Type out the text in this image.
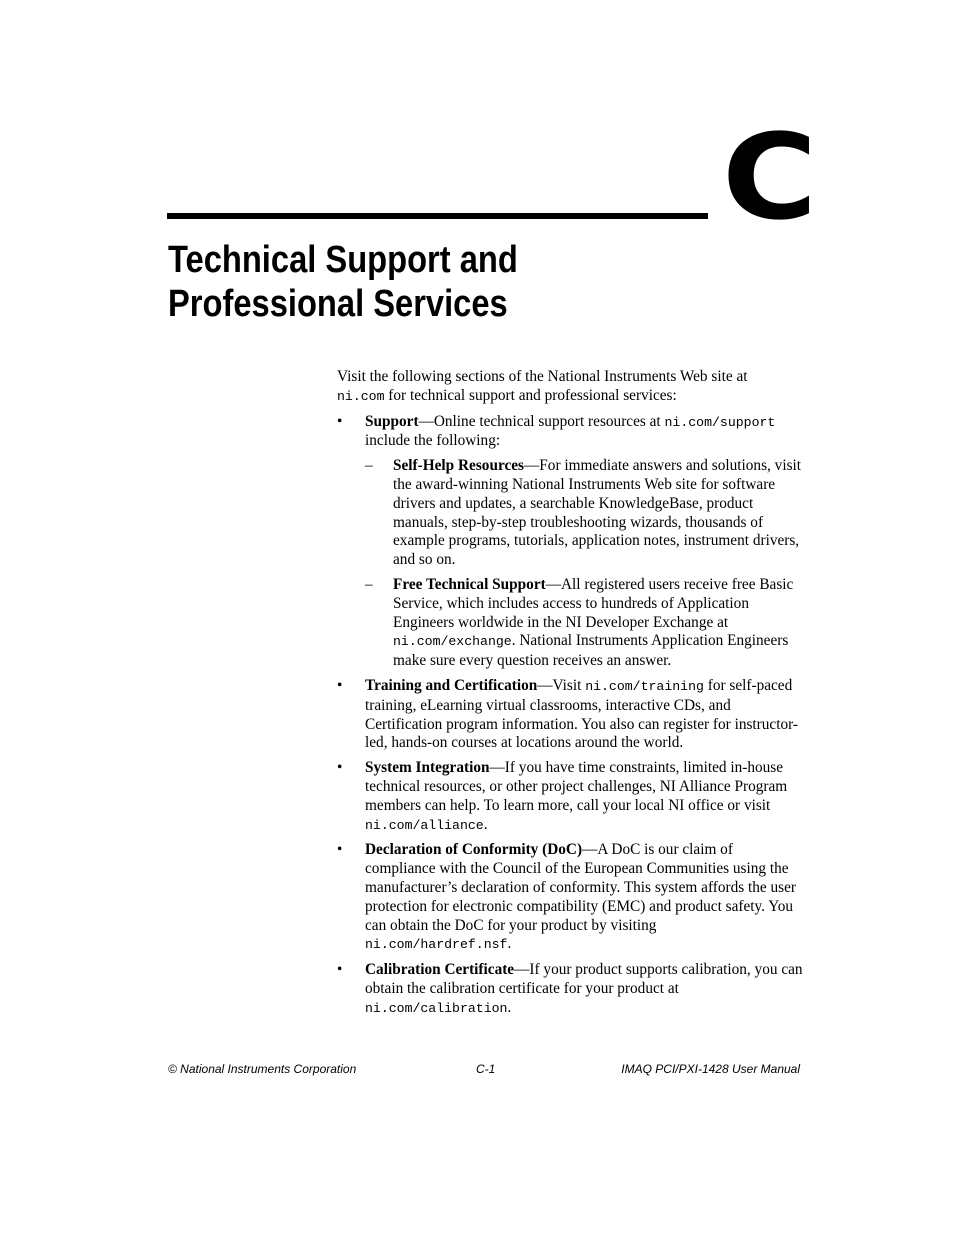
C
Technical Support and
Professional Services

Visit the following sections of the National Instruments Web site at
ni.com for technical support and professional services:

• Support—Online technical support resources at ni.com/support include the following:
– Self-Help Resources—For immediate answers and solutions, visit the award-winning National Instruments Web site for software drivers and updates, a searchable KnowledgeBase, product manuals, step-by-step troubleshooting wizards, thousands of example programs, tutorials, application notes, instrument drivers, and so on.
– Free Technical Support—All registered users receive free Basic Service, which includes access to hundreds of Application Engineers worldwide in the NI Developer Exchange at ni.com/exchange. National Instruments Application Engineers make sure every question receives an answer.
• Training and Certification—Visit ni.com/training for self-paced training, eLearning virtual classrooms, interactive CDs, and Certification program information. You also can register for instructor-led, hands-on courses at locations around the world.
• System Integration—If you have time constraints, limited in-house technical resources, or other project challenges, NI Alliance Program members can help. To learn more, call your local NI office or visit ni.com/alliance.
• Declaration of Conformity (DoC)—A DoC is our claim of compliance with the Council of the European Communities using the manufacturer’s declaration of conformity. This system affords the user protection for electronic compatibility (EMC) and product safety. You can obtain the DoC for your product by visiting ni.com/hardref.nsf.
• Calibration Certificate—If your product supports calibration, you can obtain the calibration certificate for your product at ni.com/calibration.
© National Instruments Corporation	C-1	IMAQ PCI/PXI-1428 User Manual
